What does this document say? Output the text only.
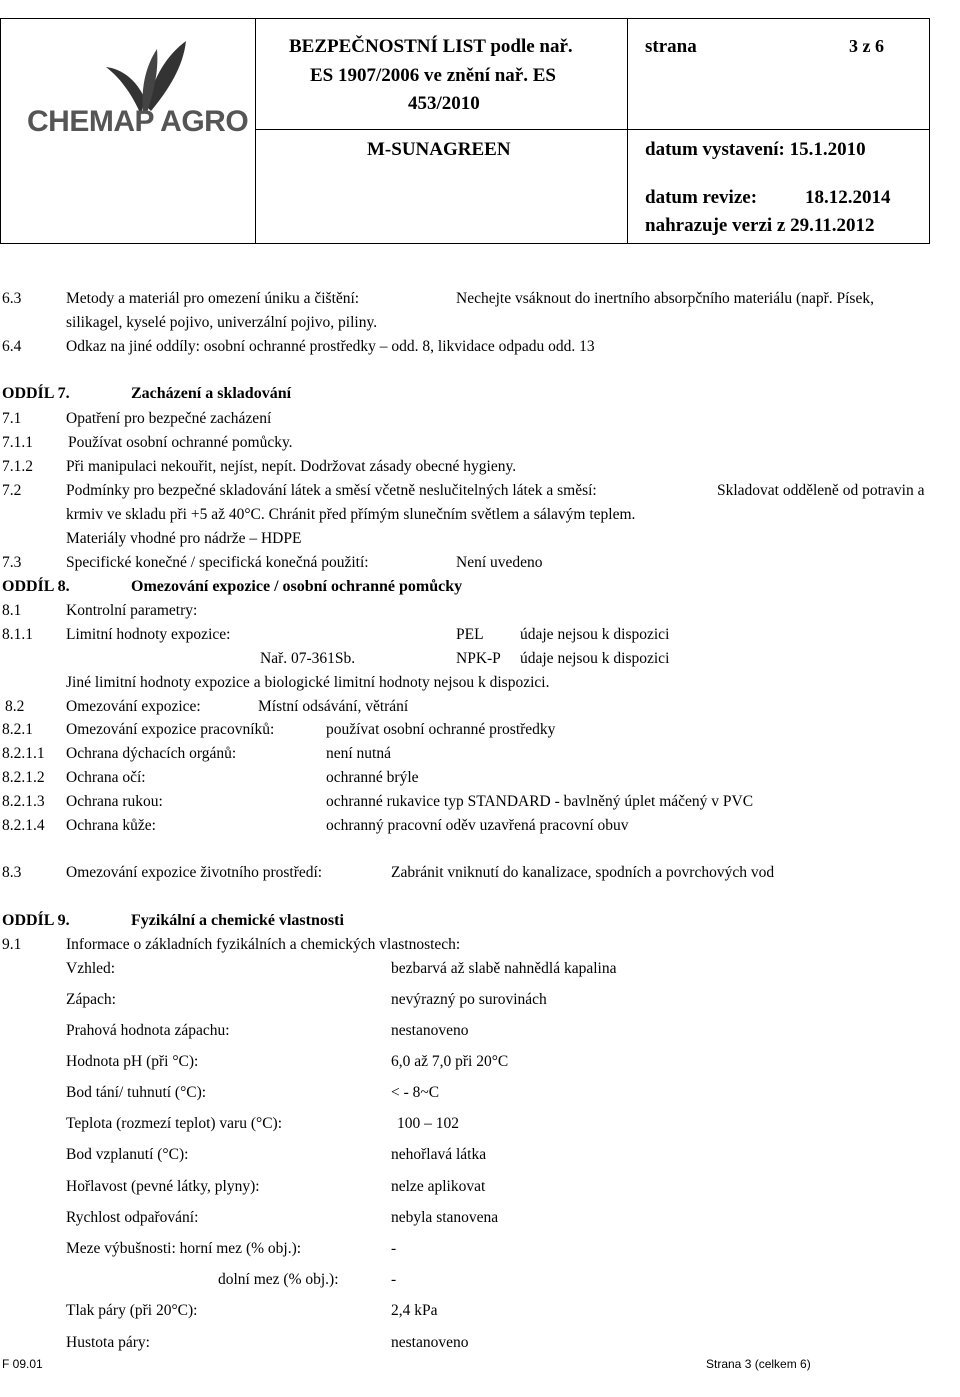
CHEMAP AGRO
BEZPEČNOSTNÍ LIST podle nař.
ES 1907/2006 ve znění nař. ES
453/2010
strana	3 z 6
M-SUNAGREEN	datum vystavení: 15.1.2010
datum revize:	18.12.2014
nahrazuje verzi z 29.11.2012
6.3	Metody a materiál pro omezení úniku a čištění:	Nechejte vsáknout do inertního absorpčního materiálu (např. Písek,
silikagel, kyselé pojivo, univerzální pojivo, piliny.
6.4	Odkaz na jiné oddíly: osobní ochranné prostředky – odd. 8, likvidace odpadu odd. 13
ODDÍL 7.	Zacházení a skladování
7.1	Opatření pro bezpečné zacházení
7.1.1 Používat osobní ochranné pomůcky.
7.1.2 Při manipulaci nekouřit, nejíst, nepít. Dodržovat zásady obecné hygieny.
7.2	Podmínky pro bezpečné skladování látek a směsí včetně neslučitelných látek a směsí:	Skladovat odděleně od potravin a
krmiv ve skladu při +5 až 40°C. Chránit před přímým slunečním světlem a sálavým teplem.
Materiály vhodné pro nádrže – HDPE
7.3	Specifické konečné / specifická konečná použití:	Není uvedeno
ODDÍL 8.	Omezování expozice / osobní ochranné pomůcky
8.1	Kontrolní parametry:
8.1.1 Limitní hodnoty expozice:	PEL údaje nejsou k dispozici
Nař. 07-361Sb.	NPK-P údaje nejsou k dispozici
Jiné limitní hodnoty expozice a biologické limitní hodnoty nejsou k dispozici.
8.2	Omezování expozice:	Místní odsávání, větrání
8.2.1 Omezování expozice pracovníků:	používat osobní ochranné prostředky
8.2.1.1 Ochrana dýchacích orgánů:	není nutná
8.2.1.2 Ochrana očí:	ochranné brýle
8.2.1.3 Ochrana rukou:	ochranné rukavice typ STANDARD - bavlněný úplet máčený v PVC
8.2.1.4 Ochrana kůže:	ochranný pracovní oděv uzavřená pracovní obuv
8.3	Omezování expozice životního prostředí:	Zabránit vniknutí do kanalizace, spodních a povrchových vod
ODDÍL 9.	Fyzikální a chemické vlastnosti
9.1	Informace o základních fyzikálních a chemických vlastnostech:
Vzhled:	bezbarvá až slabě nahnědlá kapalina
Zápach:	nevýrazný po surovinách
Prahová hodnota zápachu:	nestanoveno
Hodnota pH (při °C):	6,0 až 7,0 při 20°C
Bod tání/ tuhnutí (°C):	< - 8~C
Teplota (rozmezí teplot) varu (°C):	100 – 102
Bod vzplanutí (°C):	nehořlavá látka
Hořlavost (pevné látky, plyny):	nelze aplikovat
Rychlost odpařování:	nebyla stanovena
Meze výbušnosti: horní mez (% obj.):	-
dolní mez (% obj.):	-
Tlak páry (při 20°C):	2,4 kPa
Hustota páry:	nestanoveno
F 09.01	Strana 3 (celkem 6)
